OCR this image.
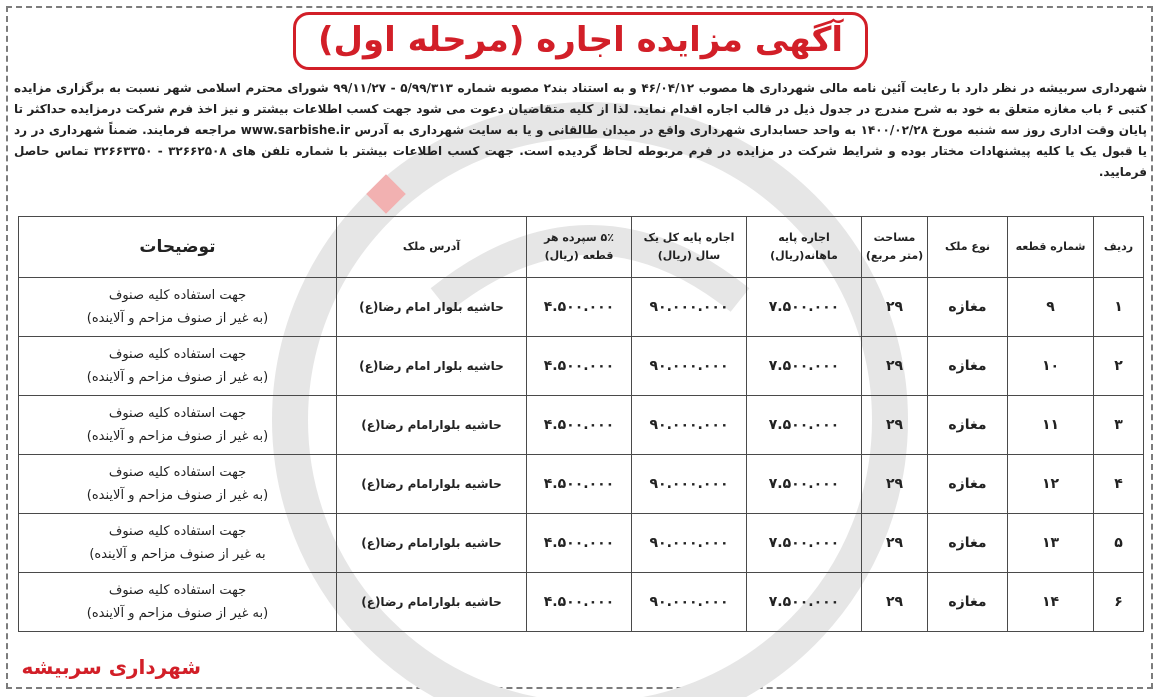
آگهی مزایده اجاره (مرحله اول)
شهرداری سربیشه در نظر دارد با رعایت آئین نامه مالی شهرداری ها مصوب ۴۶/۰۴/۱۲ و به استناد بند۲ مصوبه شماره ۵/۹۹/۳۱۳ - ۹۹/۱۱/۲۷ شورای محترم اسلامی شهر نسبت به برگزاری مزایده کتبی ۶ باب مغازه متعلق به خود به شرح مندرج در جدول ذیل در قالب اجاره اقدام نماید. لذا از کلیه متقاضیان دعوت می شود جهت کسب اطلاعات بیشتر و نیز اخذ فرم شرکت درمزایده حداکثر تا پایان وقت اداری روز سه شنبه مورخ ۱۴۰۰/۰۲/۲۸ به واحد حسابداری شهرداری واقع در میدان طالقانی و یا به سایت شهرداری به آدرس www.sarbishe.ir مراجعه فرمایند. ضمناً شهرداری در رد یا قبول یک یا کلیه پیشنهادات مختار بوده و شرایط شرکت در مزایده در فرم مربوطه لحاظ گردیده است. جهت کسب اطلاعات بیشتر با شماره تلفن های ۳۲۶۶۲۵۰۸ - ۳۲۶۶۳۳۵۰ تماس حاصل فرمایید.
ردیف	شماره قطعه	نوع ملک	مساحت (متر مربع)	اجاره پایه ماهانه(ریال)	اجاره پایه کل یک سال (ریال)	۵٪ سپرده هر قطعه (ریال)	آدرس ملک	توضیحات
۱	۹	مغازه	۲۹	۷.۵۰۰.۰۰۰	۹۰.۰۰۰.۰۰۰	۴.۵۰۰.۰۰۰	حاشیه بلوار امام رضا(ع)	جهت استفاده کلیه صنوف
(به غیر از صنوف مزاحم و آلاینده)

۲	۱۰	مغازه	۲۹	۷.۵۰۰.۰۰۰	۹۰.۰۰۰.۰۰۰	۴.۵۰۰.۰۰۰	حاشیه بلوار امام رضا(ع)	جهت استفاده کلیه صنوف
(به غیر از صنوف مزاحم و آلاینده)

۳	۱۱	مغازه	۲۹	۷.۵۰۰.۰۰۰	۹۰.۰۰۰.۰۰۰	۴.۵۰۰.۰۰۰	حاشیه بلوارامام رضا(ع)	جهت استفاده کلیه صنوف
(به غیر از صنوف مزاحم و آلاینده)

۴	۱۲	مغازه	۲۹	۷.۵۰۰.۰۰۰	۹۰.۰۰۰.۰۰۰	۴.۵۰۰.۰۰۰	حاشیه بلوارامام رضا(ع)	جهت استفاده کلیه صنوف
(به غیر از صنوف مزاحم و آلاینده)

۵	۱۳	مغازه	۲۹	۷.۵۰۰.۰۰۰	۹۰.۰۰۰.۰۰۰	۴.۵۰۰.۰۰۰	حاشیه بلوارامام رضا(ع)	جهت استفاده کلیه صنوف
به غیر از صنوف مزاحم و آلاینده)

۶	۱۴	مغازه	۲۹	۷.۵۰۰.۰۰۰	۹۰.۰۰۰.۰۰۰	۴.۵۰۰.۰۰۰	حاشیه بلوارامام رضا(ع)	جهت استفاده کلیه صنوف
(به غیر از صنوف مزاحم و آلاینده)
شهرداری سربیشه
